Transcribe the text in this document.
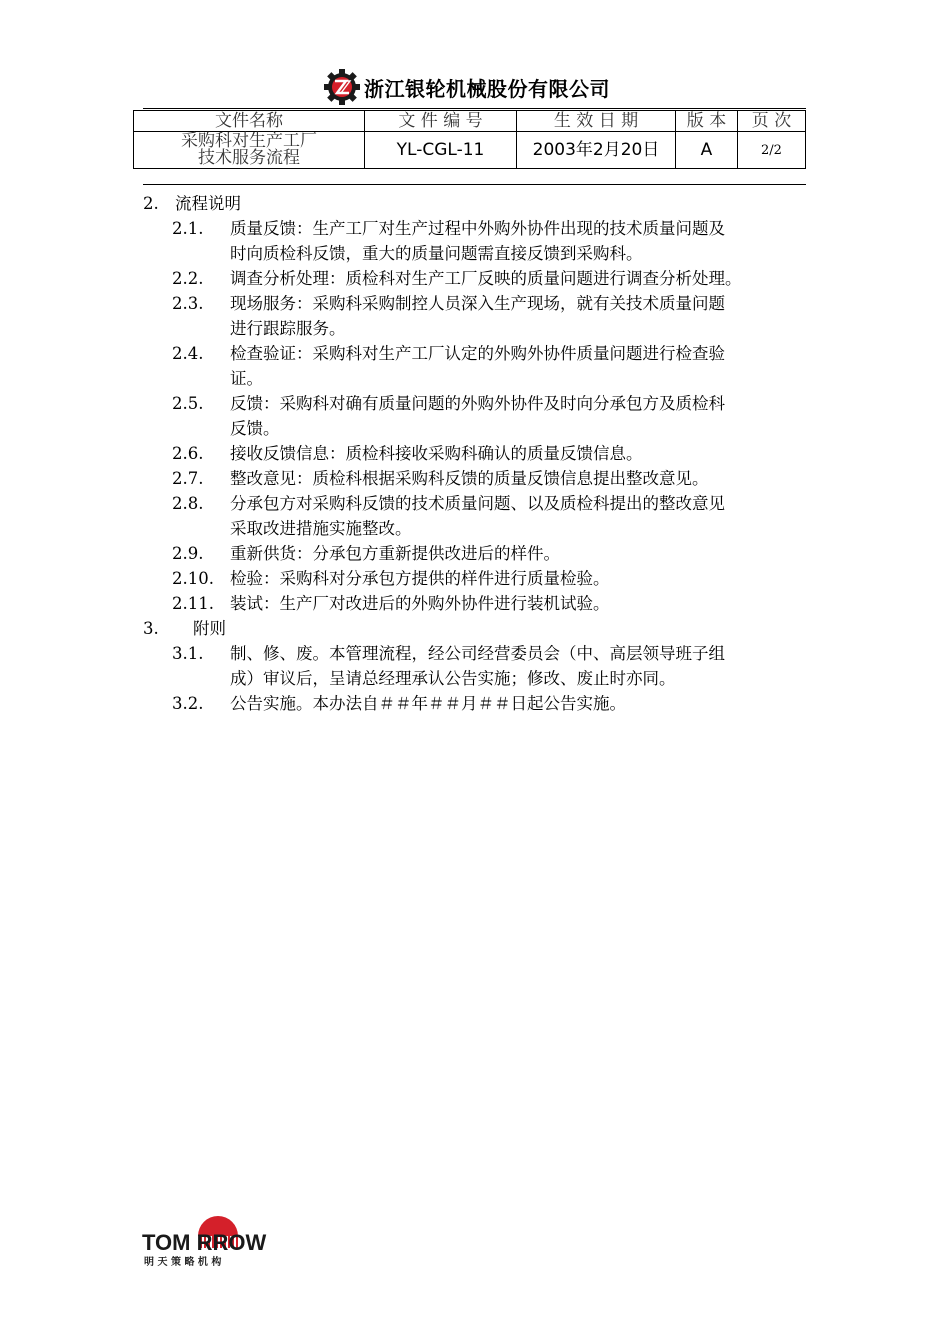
浙江银轮机械股份有限公司
文件名称	文 件 编 号	生 效 日 期	版 本	页 次

采购科对生产工厂
技术服务流程	YL-CGL-11	2003年2月20日	A	2/2
2. 流程说明
2.1. 质量反馈：生产工厂对生产过程中外购外协件出现的技术质量问题及
时向质检科反馈，重大的质量问题需直接反馈到采购科。
2.2. 调查分析处理：质检科对生产工厂反映的质量问题进行调查分析处理。
2.3. 现场服务：采购科采购制控人员深入生产现场，就有关技术质量问题
进行跟踪服务。
2.4. 检查验证：采购科对生产工厂认定的外购外协件质量问题进行检查验
证。
2.5. 反馈：采购科对确有质量问题的外购外协件及时向分承包方及质检科
反馈。
2.6. 接收反馈信息：质检科接收采购科确认的质量反馈信息。
2.7. 整改意见：质检科根据采购科反馈的质量反馈信息提出整改意见。
2.8. 分承包方对采购科反馈的技术质量问题、以及质检科提出的整改意见
采取改进措施实施整改。
2.9. 重新供货：分承包方重新提供改进后的样件。
2.10. 检验：采购科对分承包方提供的样件进行质量检验。
2.11. 装试：生产厂对改进后的外购外协件进行装机试验。
3. 附则
3.1. 制、修、废。本管理流程，经公司经营委员会（中、高层领导班子组
成）审议后，呈请总经理承认公告实施；修改、废止时亦同。
3.2. 公告实施。本办法自＃＃年＃＃月＃＃日起公告实施。
TOM RROW
明 天 策 略 机 构
